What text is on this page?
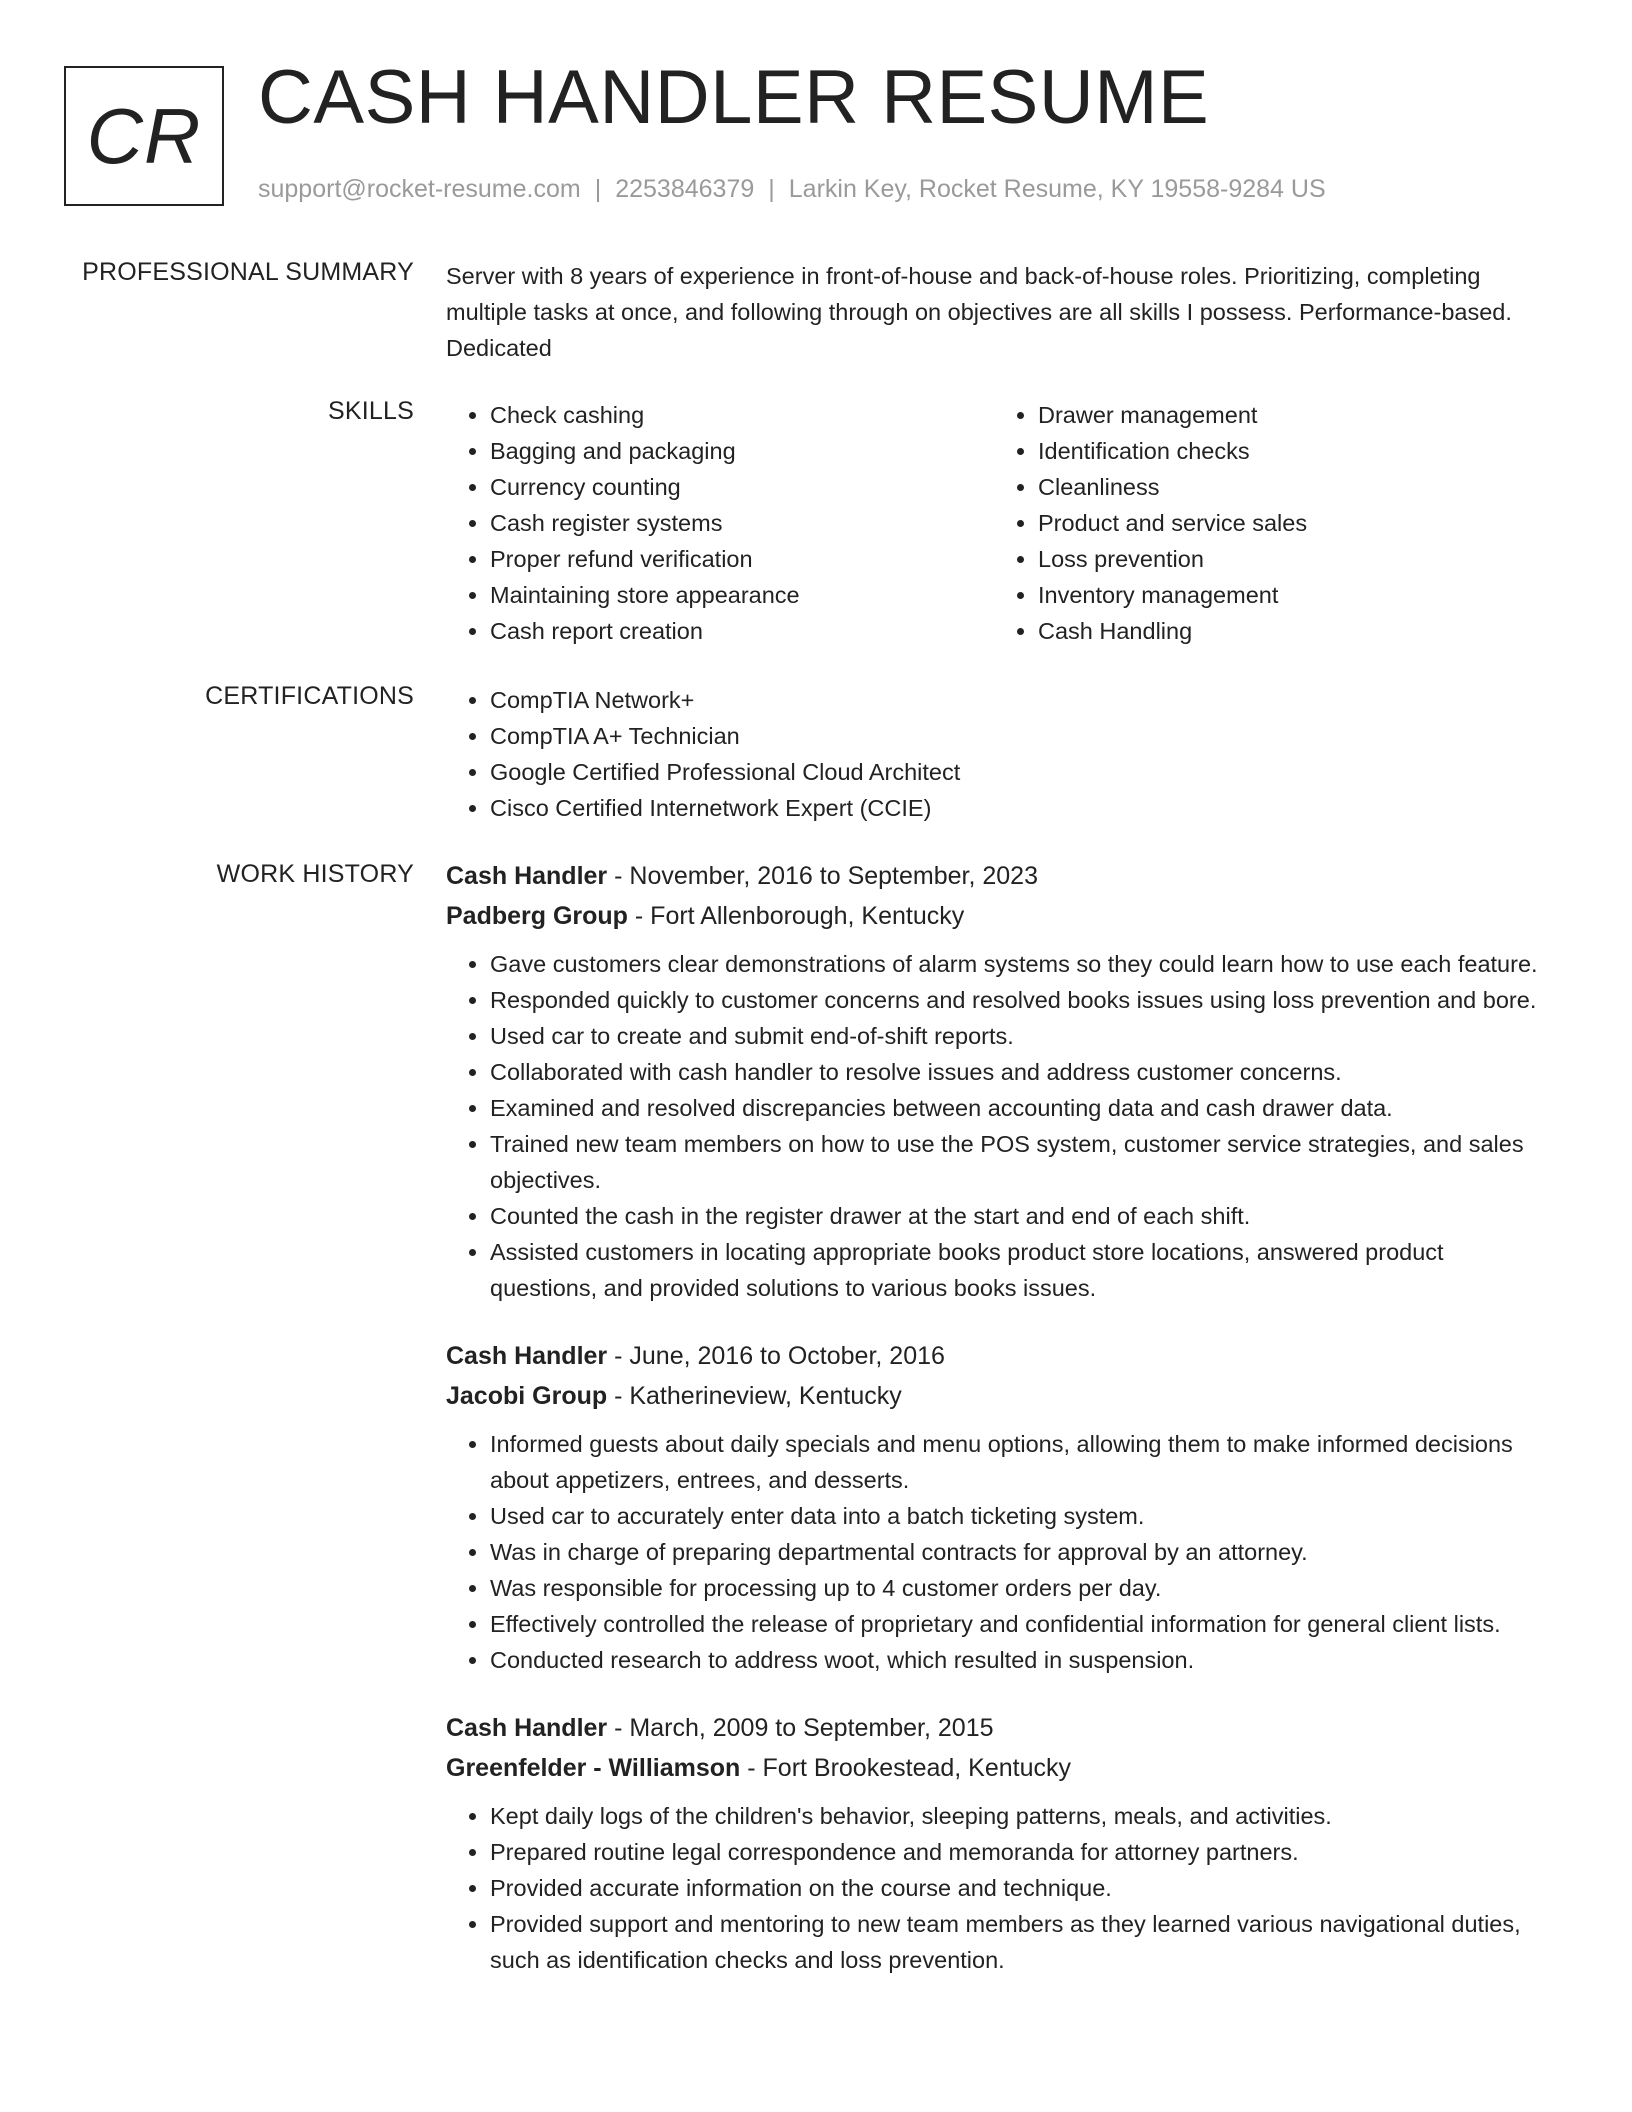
CR CASH HANDLER RESUME
support@rocket-resume.com | 2253846379 | Larkin Key, Rocket Resume, KY 19558-9284 US
PROFESSIONAL SUMMARY Server with 8 years of experience in front-of-house and back-of-house roles. Prioritizing, completing multiple tasks at once, and following through on objectives are all skills I possess. Performance-based. Dedicated

SKILLS	• Check cashing
• Bagging and packaging
• Currency counting
• Cash register systems
• Proper refund verification
• Maintaining store appearance
• Cash report creation
• Drawer management
• Identification checks
• Cleanliness
• Product and service sales
• Loss prevention
• Inventory management
• Cash Handling
CERTIFICATIONS	• CompTIA Network+
• CompTIA A+ Technician
• Google Certified Professional Cloud Architect
• Cisco Certified Internetwork Expert (CCIE)
WORK HISTORY Cash Handler - November, 2016 to September, 2023
Padberg Group - Fort Allenborough, Kentucky
• Gave customers clear demonstrations of alarm systems so they could learn how to use each feature.
• Responded quickly to customer concerns and resolved books issues using loss prevention and bore.
• Used car to create and submit end-of-shift reports.
• Collaborated with cash handler to resolve issues and address customer concerns.
• Examined and resolved discrepancies between accounting data and cash drawer data.
• Trained new team members on how to use the POS system, customer service strategies, and sales objectives.
• Counted the cash in the register drawer at the start and end of each shift.
• Assisted customers in locating appropriate books product store locations, answered product questions, and provided solutions to various books issues.
Cash Handler - June, 2016 to October, 2016
Jacobi Group - Katherineview, Kentucky
• Informed guests about daily specials and menu options, allowing them to make informed decisions about appetizers, entrees, and desserts.
• Used car to accurately enter data into a batch ticketing system.
• Was in charge of preparing departmental contracts for approval by an attorney.
• Was responsible for processing up to 4 customer orders per day.
• Effectively controlled the release of proprietary and confidential information for general client lists.
• Conducted research to address woot, which resulted in suspension.
Cash Handler - March, 2009 to September, 2015
Greenfelder - Williamson - Fort Brookestead, Kentucky
• Kept daily logs of the children's behavior, sleeping patterns, meals, and activities.
• Prepared routine legal correspondence and memoranda for attorney partners.
• Provided accurate information on the course and technique.
• Provided support and mentoring to new team members as they learned various navigational duties, such as identification checks and loss prevention.
